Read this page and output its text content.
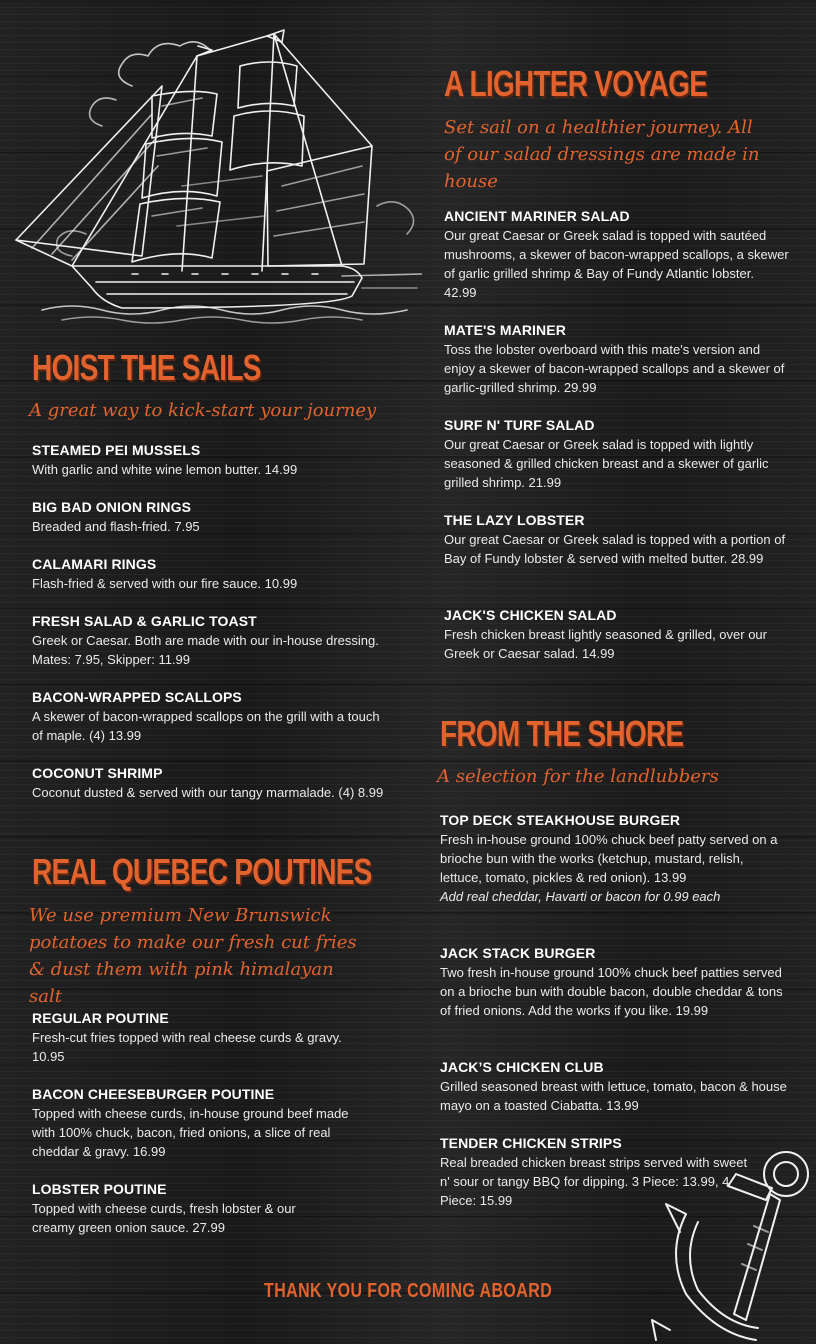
HOIST THE SAILS

A great way to kick-start your journey

STEAMED PEI MUSSELS
With garlic and white wine lemon butter. 14.99
BIG BAD ONION RINGS
Breaded and flash-fried. 7.95
CALAMARI RINGS
Flash-fried & served with our fire sauce. 10.99
FRESH SALAD & GARLIC TOAST
Greek or Caesar. Both are made with our in-house dressing. Mates: 7.95, Skipper: 11.99
BACON-WRAPPED SCALLOPS
A skewer of bacon-wrapped scallops on the grill with a touch of maple. (4) 13.99
COCONUT SHRIMP
Coconut dusted & served with our tangy marmalade. (4) 8.99
REAL QUEBEC POUTINES

We use premium New Brunswick potatoes to make our fresh cut fries & dust them with pink himalayan salt

REGULAR POUTINE
Fresh-cut fries topped with real cheese curds & gravy. 10.95
BACON CHEESEBURGER POUTINE
Topped with cheese curds, in-house ground beef made with 100% chuck, bacon, fried onions, a slice of real cheddar & gravy. 16.99
LOBSTER POUTINE
Topped with cheese curds, fresh lobster & our creamy green onion sauce. 27.99
A LIGHTER VOYAGE

Set sail on a healthier journey. All of our salad dressings are made in house

ANCIENT MARINER SALAD
Our great Caesar or Greek salad is topped with sautéed mushrooms, a skewer of bacon-wrapped scallops, a skewer of garlic grilled shrimp & Bay of Fundy Atlantic lobster. 42.99
MATE'S MARINER
Toss the lobster overboard with this mate's version and enjoy a skewer of bacon-wrapped scallops and a skewer of garlic-grilled shrimp. 29.99
SURF N' TURF SALAD
Our great Caesar or Greek salad is topped with lightly seasoned & grilled chicken breast and a skewer of garlic grilled shrimp. 21.99
THE LAZY LOBSTER
Our great Caesar or Greek salad is topped with a portion of Bay of Fundy lobster & served with melted butter. 28.99
JACK'S CHICKEN SALAD
Fresh chicken breast lightly seasoned & grilled, over our Greek or Caesar salad. 14.99
FROM THE SHORE

A selection for the landlubbers

TOP DECK STEAKHOUSE BURGER
Fresh in-house ground 100% chuck beef patty served on a brioche bun with the works (ketchup, mustard, relish, lettuce, tomato, pickles & red onion). 13.99
Add real cheddar, Havarti or bacon for 0.99 each
JACK STACK BURGER
Two fresh in-house ground 100% chuck beef patties served on a brioche bun with double bacon, double cheddar & tons of fried onions. Add the works if you like. 19.99
JACK’S CHICKEN CLUB
Grilled seasoned breast with lettuce, tomato, bacon & house mayo on a toasted Ciabatta. 13.99
TENDER CHICKEN STRIPS
Real breaded chicken breast strips served with sweet n' sour or tangy BBQ for dipping. 3 Piece: 13.99, 4 Piece: 15.99
THANK YOU FOR COMING ABOARD
